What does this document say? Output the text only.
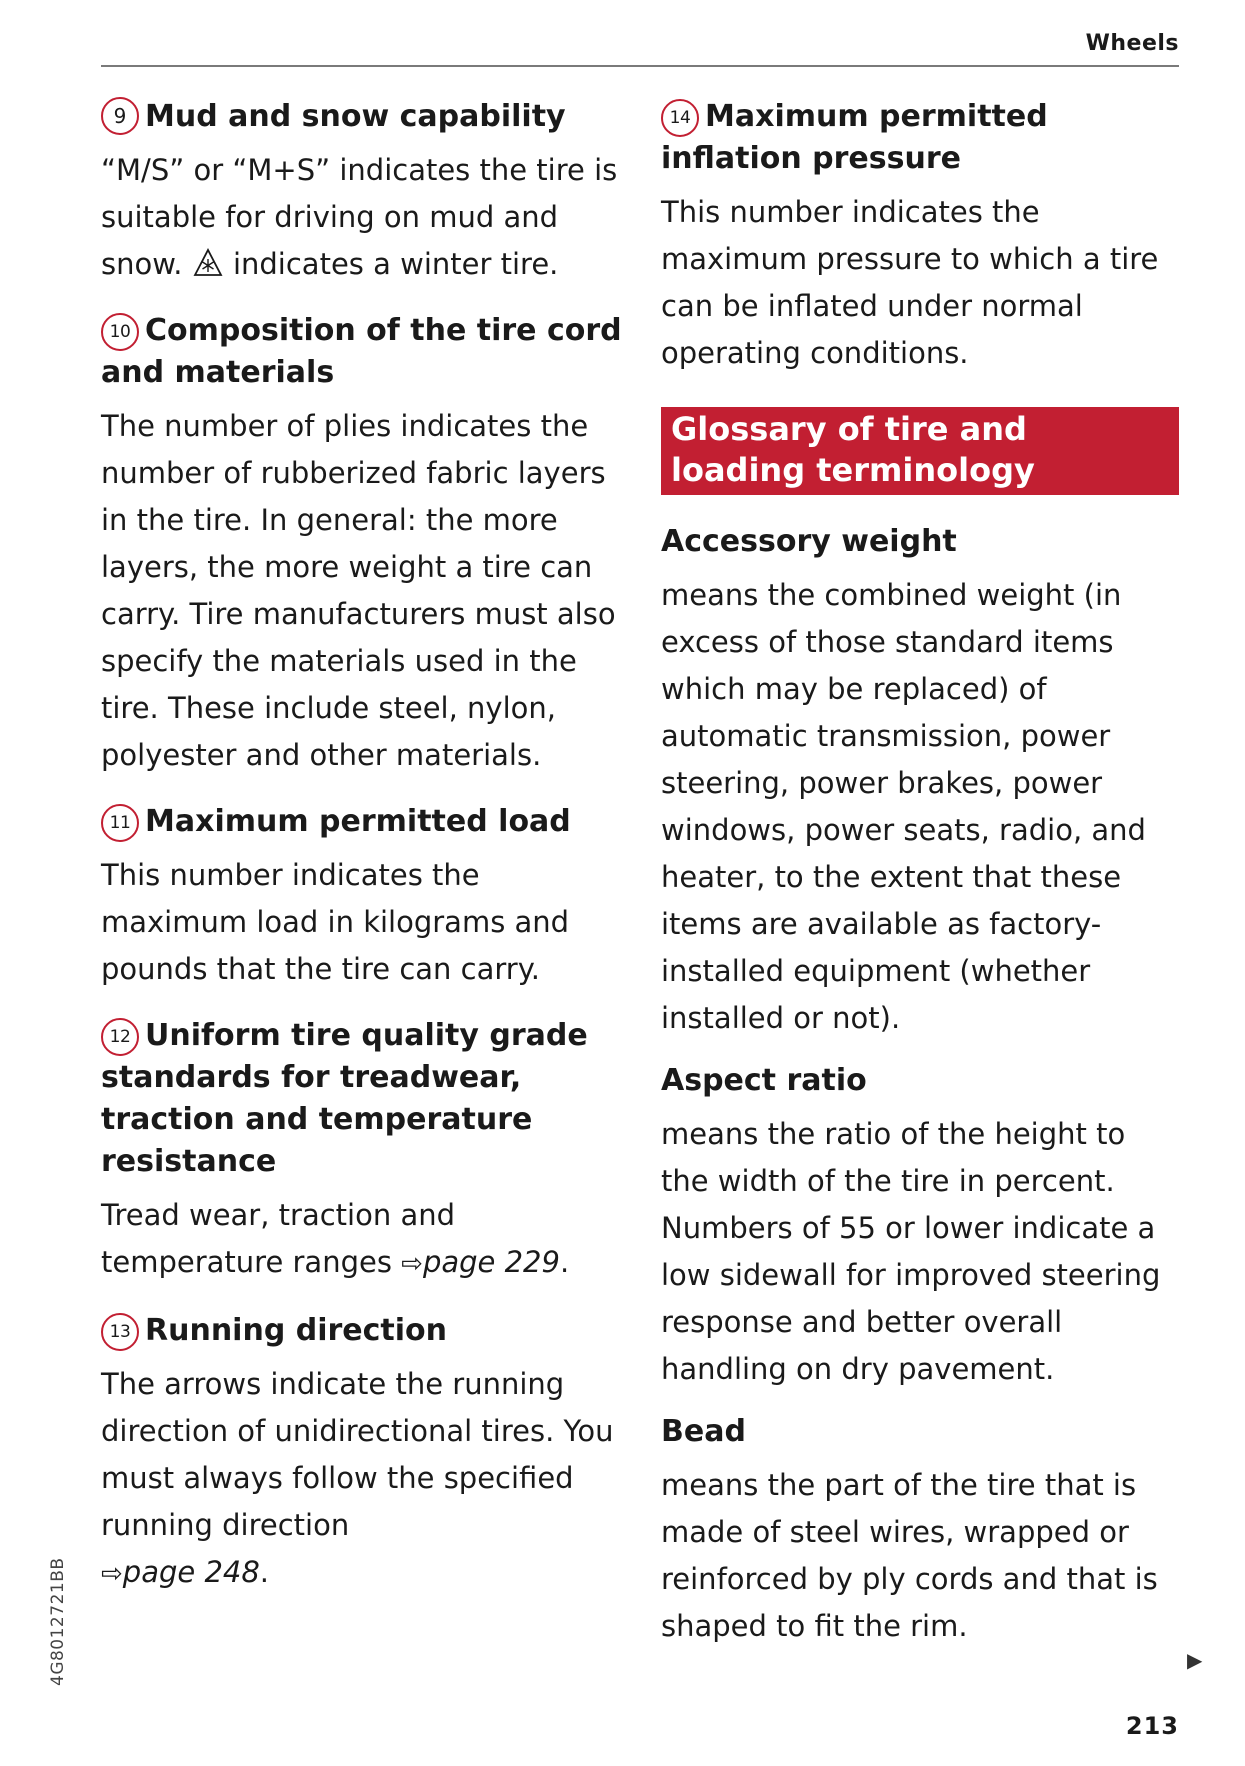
Wheels
9 Mud and snow capability

“M/S” or “M+S” indicates the tire is suitable for driving on mud and snow. indicates a winter tire.

10 Composition of the tire cord and materials

The number of plies indicates the number of rubberized fabric layers in the tire. In general: the more layers, the more weight a tire can carry. Tire manufacturers must also specify the materials used in the tire. These include steel, nylon, polyester and other materials.

11 Maximum permitted load

This number indicates the maximum load in kilograms and pounds that the tire can carry.

12 Uniform tire quality grade standards for treadwear, traction and temperature resistance

Tread wear, traction and temperature ranges ⇨page 229.

13 Running direction

The arrows indicate the running direction of unidirectional tires. You must always follow the specified running direction
⇨page 248.

14 Maximum permitted inflation pressure

This number indicates the maximum pressure to which a tire can be inflated under normal operating conditions.

Glossary of tire and loading terminology
Accessory weight

means the combined weight (in excess of those standard items which may be replaced) of automatic transmission, power steering, power brakes, power windows, power seats, radio, and heater, to the extent that these items are available as factory-installed equipment (whether installed or not).

Aspect ratio

means the ratio of the height to the width of the tire in percent. Numbers of 55 or lower indicate a low sidewall for improved steering response and better overall handling on dry pavement.

Bead

means the part of the tire that is made of steel wires, wrapped or reinforced by ply cords and that is shaped to fit the rim.

4G8012721BB	▶
213
